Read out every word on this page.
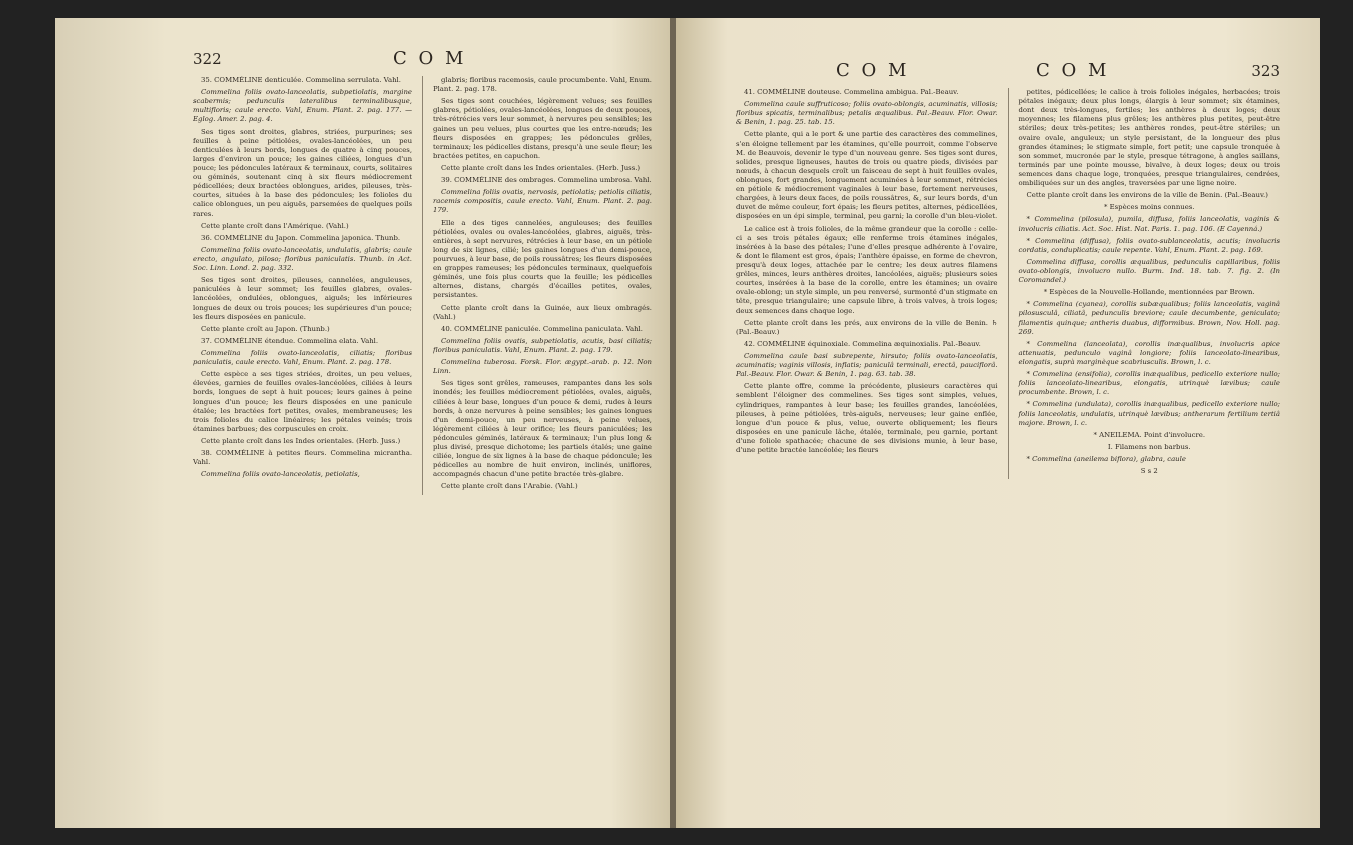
322	C O M

35. COMMÉLINE denticulée. Commelina serrulata. Vahl.

Commelina foliis ovato-lanceolatis, subpetiolatis, margine scabermis; pedunculis lateralibus terminalibusque, multifloris; caule erecto. Vahl, Enum. Plant. 2. pag. 177. — Eglog. Amer. 2. pag. 4.

Ses tiges sont droites, glabres, striées, purpurines; ses feuilles à peine pétiolées, ovales-lancéolées, un peu denticulées à leurs bords, longues de quatre à cinq pouces, larges d'environ un pouce; les gaines ciliées, longues d'un pouce; les pédoncules latéraux & terminaux, courts, solitaires ou géminés, soutenant cinq à six fleurs médiocrement pédicellées; deux bractées oblongues, arides, pileuses, très-courtes, situées à la base des pédoncules; les folioles du calice oblongues, un peu aiguës, parsemées de quelques poils rares.

Cette plante croît dans l'Amérique. (Vahl.)

36. COMMÉLINE du Japon. Commelina japonica. Thunb.

Commelina foliis ovato-lanceolatis, undulatis, glabris; caule erecto, angulato, piloso; floribus paniculatis. Thunb. in Act. Soc. Linn. Lond. 2. pag. 332.

Ses tiges sont droites, pileuses, cannelées, anguleuses, paniculées à leur sommet; les feuilles glabres, ovales-lancéolées, ondulées, oblongues, aiguës; les inférieures longues de deux ou trois pouces; les supérieures d'un pouce; les fleurs disposées en panicule.

Cette plante croît au Japon. (Thunb.)

37. COMMÉLINE étendue. Commelina elata. Vahl.

Commelina foliis ovato-lanceolatis, ciliatis; floribus paniculatis, caule erecto. Vahl, Enum. Plant. 2. pag. 178.

Cette espèce a ses tiges striées, droites, un peu velues, élevées, garnies de feuilles ovales-lancéolées, ciliées à leurs bords, longues de sept à huit pouces; leurs gaines à peine longues d'un pouce; les fleurs disposées en une panicule étalée; les bractées fort petites, ovales, membraneuses; les trois folioles du calice linéaires; les pétales veinés; trois étamines barbues; des corpuscules en croix.

Cette plante croît dans les Indes orientales. (Herb. Juss.)

38. COMMÉLINE à petites fleurs. Commelina micrantha. Vahl.

Commelina foliis ovato-lanceolatis, petiolatis,

glabris; floribus racemosis, caule procumbente. Vahl, Enum. Plant. 2. pag. 178.

Ses tiges sont couchées, légèrement velues; ses feuilles glabres, pétiolées, ovales-lancéolées, longues de deux pouces, très-rétrécies vers leur sommet, à nervures peu sensibles; les gaines un peu velues, plus courtes que les entre-nœuds; les fleurs disposées en grappes; les pédoncules grêles, terminaux; les pédicelles distans, presqu'à une seule fleur; les bractées petites, en capuchon.

Cette plante croît dans les Indes orientales. (Herb. Juss.)

39. COMMÉLINE des ombrages. Commelina umbrosa. Vahl.

Commelina foliis ovatis, nervosis, petiolatis; petiolis ciliatis, racemis compositis, caule erecto. Vahl, Enum. Plant. 2. pag. 179.

Elle a des tiges cannelées, anguleuses; des feuilles pétiolées, ovales ou ovales-lancéolées, glabres, aiguës, très-entières, à sept nervures, rétrécies à leur base, en un pétiole long de six lignes, cilié; les gaines longues d'un demi-pouce, pourvues, à leur base, de poils roussâtres; les fleurs disposées en grappes rameuses; les pédoncules terminaux, quelquefois géminés, une fois plus courts que la feuille; les pédicelles alternes, distans, chargés d'écailles petites, ovales, persistantes.

Cette plante croît dans la Guinée, aux lieux ombragés. (Vahl.)

40. COMMÉLINE paniculée. Commelina paniculata. Vahl.

Commelina foliis ovatis, subpetiolatis, acutis, basi ciliatis; floribus paniculatis. Vahl, Enum. Plant. 2. pag. 179.

Commelina tuberosa. Forsk. Flor. ægypt.-arab. p. 12. Non Linn.

Ses tiges sont grêles, rameuses, rampantes dans les sols inondés; les feuilles médiocrement pétiolées, ovales, aiguës, ciliées à leur base, longues d'un pouce & demi, rudes à leurs bords, à onze nervures à peine sensibles; les gaines longues d'un demi-pouce, un peu nerveuses, à peine velues, légèrement ciliées à leur orifice; les fleurs paniculées; les pédoncules géminés, latéraux & terminaux; l'un plus long & plus divisé, presque dichotome; les partiels étalés; une gaine ciliée, longue de six lignes à la base de chaque pédoncule; les pédicelles au nombre de huit environ, inclinés, uniflores, accompagnés chacun d'une petite bractée très-glabre.

Cette plante croît dans l'Arabie. (Vahl.)

C O M	C O M	323

41. COMMÉLINE douteuse. Commelina ambigua. Pal.-Beauv.

Commelina caule suffruticoso; foliis ovato-oblongis, acuminatis, villosis; floribus spicatis, terminalibus; petalis æqualibus. Pal.-Beauv. Flor. Owar. & Benin, 1. pag. 25. tab. 15.

Cette plante, qui a le port & une partie des caractères des commelines, s'en éloigne tellement par les étamines, qu'elle pourroit, comme l'observe M. de Beauvois, devenir le type d'un nouveau genre. Ses tiges sont dures, solides, presque ligneuses, hautes de trois ou quatre pieds, divisées par nœuds, à chacun desquels croît un faisceau de sept à huit feuilles ovales, oblongues, fort grandes, longuement acuminées à leur sommet, rétrécies en pétiole & médiocrement vaginales à leur base, fortement nerveuses, chargées, à leurs deux faces, de poils roussâtres, &, sur leurs bords, d'un duvet de même couleur, fort épais; les fleurs petites, alternes, pédicellées, disposées en un épi simple, terminal, peu garni; la corolle d'un bleu-violet.

Le calice est à trois folioles, de la même grandeur que la corolle : celle-ci a ses trois pétales égaux; elle renferme trois étamines inégales, insérées à la base des pétales; l'une d'elles presque adhérente à l'ovaire, & dont le filament est gros, épais; l'anthère épaisse, en forme de chevron, presqu'à deux loges, attachée par le centre; les deux autres filamens grêles, minces, leurs anthères droites, lancéolées, aiguës; plusieurs soies courtes, insérées à la base de la corolle, entre les étamines; un ovaire ovale-oblong; un style simple, un peu renversé, surmonté d'un stigmate en tête, presque triangulaire; une capsule libre, à trois valves, à trois loges; deux semences dans chaque loge.

Cette plante croît dans les prés, aux environs de la ville de Benin. ♄ (Pal.-Beauv.)

42. COMMÉLINE équinoxiale. Commelina æquinoxialis. Pal.-Beauv.

Commelina caule basi subrepente, hirsuto; foliis ovato-lanceolatis, acuminatis; vaginis villosis, inflatis; paniculâ terminali, erectâ, pauciflorâ. Pal.-Beauv. Flor. Owar. & Benin, 1. pag. 63. tab. 38.

Cette plante offre, comme la précédente, plusieurs caractères qui semblent l'éloigner des commelines. Ses tiges sont simples, velues, cylindriques, rampantes à leur base; les feuilles grandes, lancéolées, pileuses, à peine pétiolées, très-aiguës, nerveuses; leur gaine enflée, longue d'un pouce & plus, velue, ouverte obliquement; les fleurs disposées en une panicule lâche, étalée, terminale, peu garnie, portant d'une foliole spathacée; chacune de ses divisions munie, à leur base, d'une petite bractée lancéolée; les fleurs

petites, pédicellées; le calice à trois folioles inégales, herbacées; trois pétales inégaux; deux plus longs, élargis à leur sommet; six étamines, dont deux très-longues, fertiles; les anthères à deux loges; deux moyennes; les filamens plus grêles; les anthères plus petites, peut-être stériles; deux très-petites; les anthères rondes, peut-être stériles; un ovaire ovale, anguleux; un style persistant, de la longueur des plus grandes étamines; le stigmate simple, fort petit; une capsule tronquée à son sommet, mucronée par le style, presque tétragone, à angles saillans, terminés par une pointe mousse, bivalve, à deux loges; deux ou trois semences dans chaque loge, tronquées, presque triangulaires, cendrées, ombiliquées sur un des angles, traversées par une ligne noire.

Cette plante croît dans les environs de la ville de Benin. (Pal.-Beauv.)

* Espèces moins connues.

* Commelina (pilosula), pumila, diffusa, foliis lanceolatis, vaginis & involucris ciliatis. Act. Soc. Hist. Nat. Paris. 1. pag. 106. (E Cayenná.)

* Commelina (diffusa), foliis ovato-sublanceolatis, acutis; involucris cordatis, conduplicatis; caule repente. Vahl, Enum. Plant. 2. pag. 169.

Commelina diffusa, corollis æqualibus, pedunculis capillaribus, foliis ovato-oblongis, involucro nullo. Burm. Ind. 18. tab. 7. fig. 2. (In Coromandel.)

* Espèces de la Nouvelle-Hollande, mentionnées par Brown.

* Commelina (cyanea), corollis subæqualibus; foliis lanceolatis, vaginâ pilosusculâ, ciliatâ, pedunculis breviore; caule decumbente, geniculato; filamentis quinque; antheris duabus, difformibus. Brown, Nov. Holl. pag. 269.

* Commelina (lanceolata), corollis inæqualibus, involucris apice attenuatis, pedunculo vaginâ longiore; foliis lanceolato-linearibus, elongatis, suprà marginèque scabriusculis. Brown, l. c.

* Commelina (ensifolia), corollis inæqualibus, pedicello exteriore nullo; foliis lanceolato-linearibus, elongatis, utrinquè lævibus; caule procumbente. Brown, l. c.

* Commelina (undulata), corollis inæqualibus, pedicello exteriore nullo; foliis lanceolatis, undulatis, utrinquè lævibus; antherarum fertilium tertiâ majore. Brown, l. c.

* ANEILEMA. Point d'involucre.

I. Filamens non barbus.

* Commelina (aneilema biflora), glabra, caule

S s 2
